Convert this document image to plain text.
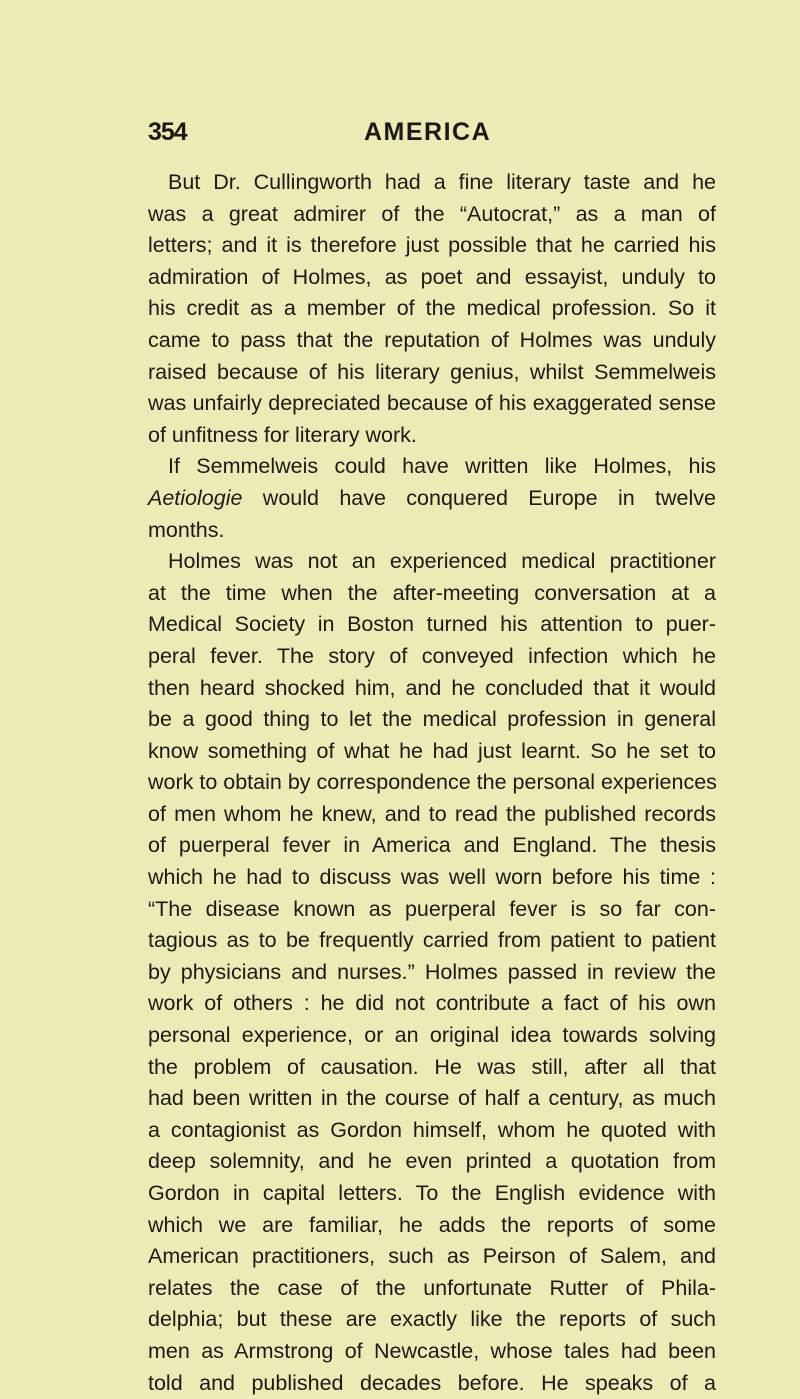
354	AMERICA
But Dr. Cullingworth had a fine literary taste and he
was a great admirer of the “Autocrat,” as a man of
letters; and it is therefore just possible that he carried his
admiration of Holmes, as poet and essayist, unduly to
his credit as a member of the medical profession. So it
came to pass that the reputation of Holmes was unduly
raised because of his literary genius, whilst Semmelweis
was unfairly depreciated because of his exaggerated sense
of unfitness for literary work.
If Semmelweis could have written like Holmes, his
Aetiologie would have conquered Europe in twelve
months.
Holmes was not an experienced medical practitioner
at the time when the after-meeting conversation at a
Medical Society in Boston turned his attention to puer-
peral fever. The story of conveyed infection which he
then heard shocked him, and he concluded that it would
be a good thing to let the medical profession in general
know something of what he had just learnt. So he set to
work to obtain by correspondence the personal experiences
of men whom he knew, and to read the published records
of puerperal fever in America and England. The thesis
which he had to discuss was well worn before his time :
“The disease known as puerperal fever is so far con-
tagious as to be frequently carried from patient to patient
by physicians and nurses.” Holmes passed in review the
work of others : he did not contribute a fact of his own
personal experience, or an original idea towards solving
the problem of causation. He was still, after all that
had been written in the course of half a century, as much
a contagionist as Gordon himself, whom he quoted with
deep solemnity, and he even printed a quotation from
Gordon in capital letters. To the English evidence with
which we are familiar, he adds the reports of some
American practitioners, such as Peirson of Salem, and
relates the case of the unfortunate Rutter of Phila-
delphia; but these are exactly like the reports of such
men as Armstrong of Newcastle, whose tales had been
told and published decades before. He speaks of a
